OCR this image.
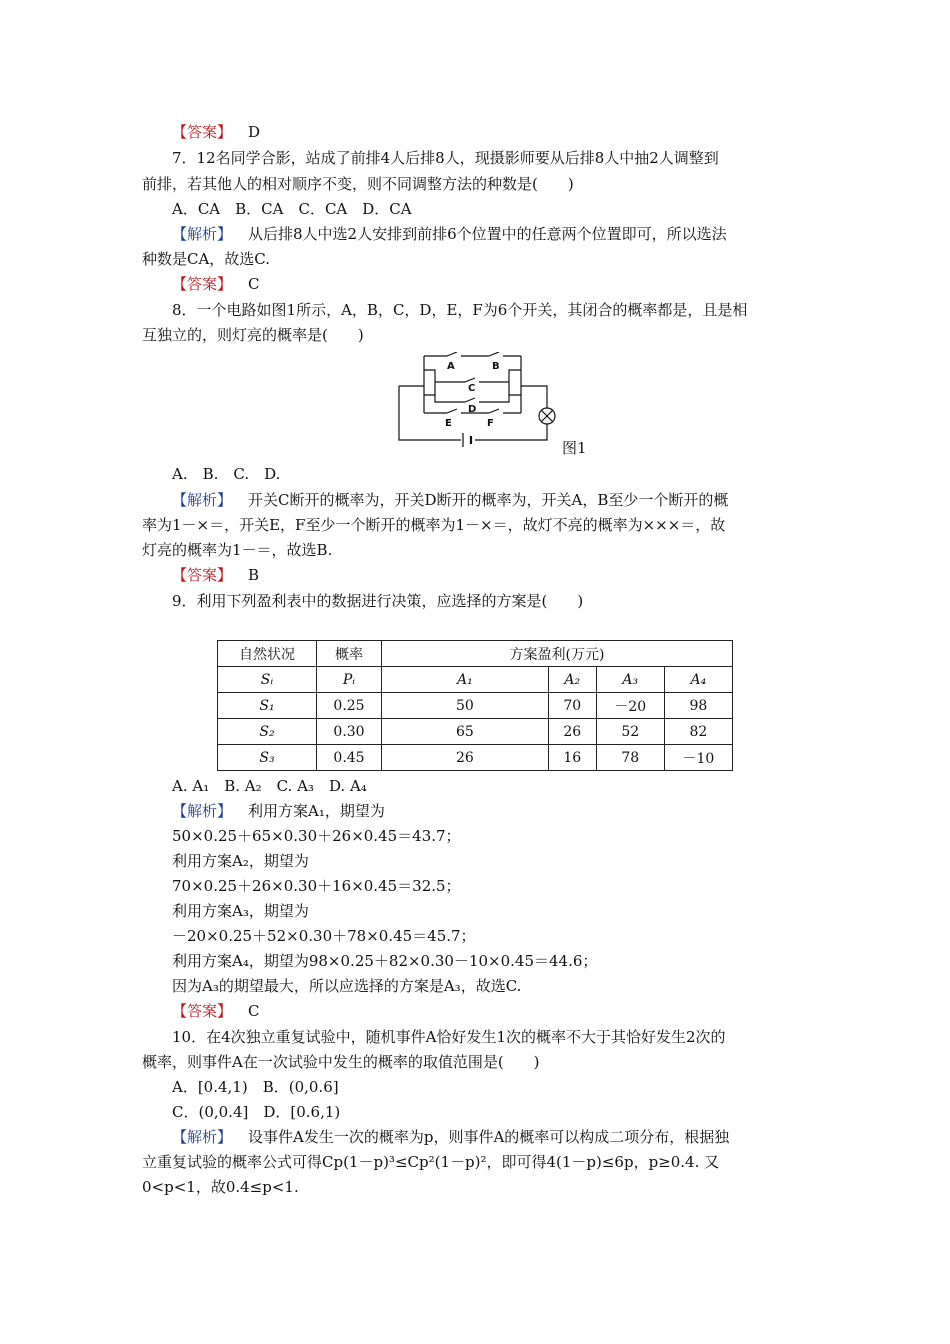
【答案】 D
7．12名同学合影，站成了前排4人后排8人，现摄影师要从后排8人中抽2人调整到
前排，若其他人的相对顺序不变，则不同调整方法的种数是(　　)
A．CA　B．CA　C．CA　D．CA
【解析】 从后排8人中选2人安排到前排6个位置中的任意两个位置即可，所以选法
种数是CA，故选C.
【答案】 C
8．一个电路如图1所示，A，B，C，D，E，F为6个开关，其闭合的概率都是，且是相
互独立的，则灯亮的概率是(　　)
A	B
C
D
E	F
图1
A.　B.　C.　D.
【解析】 开关C断开的概率为，开关D断开的概率为，开关A，B至少一个断开的概
率为1－×＝，开关E，F至少一个断开的概率为1－×＝，故灯不亮的概率为×××＝，故
灯亮的概率为1－＝，故选B.
【答案】 B
9．利用下列盈利表中的数据进行决策，应选择的方案是(　　)
自然状况	概率	方案盈利(万元)			
Sᵢ	Pᵢ	A₁	A₂	A₃	A₄
S₁	0.25	50	70	－20	98
S₂	0.30	65	26	52	82
S₃	0.45	26	16	78	－10
A. A₁　B. A₂　C. A₃　D. A₄
【解析】 利用方案A₁，期望为
50×0.25＋65×0.30＋26×0.45＝43.7；
利用方案A₂，期望为
70×0.25＋26×0.30＋16×0.45＝32.5；
利用方案A₃，期望为
－20×0.25＋52×0.30＋78×0.45＝45.7；
利用方案A₄，期望为98×0.25＋82×0.30－10×0.45＝44.6；
因为A₃的期望最大，所以应选择的方案是A₃，故选C.
【答案】 C
10．在4次独立重复试验中，随机事件A恰好发生1次的概率不大于其恰好发生2次的
概率，则事件A在一次试验中发生的概率的取值范围是(　　)
A．[0.4,1)　B．(0,0.6]
C．(0,0.4]　D．[0.6,1)
【解析】 设事件A发生一次的概率为p，则事件A的概率可以构成二项分布，根据独
立重复试验的概率公式可得Cp(1－p)³≤Cp²(1－p)²，即可得4(1－p)≤6p，p≥0.4. 又
0<p<1，故0.4≤p<1.
